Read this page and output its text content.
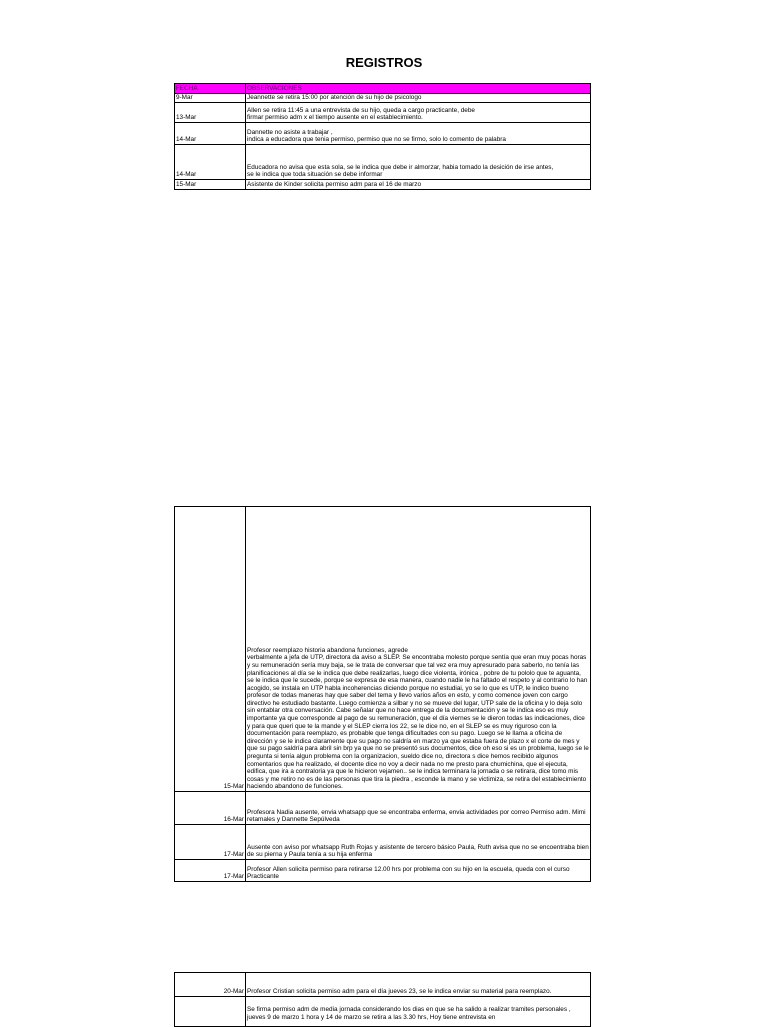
REGISTROS
FECHA	OBSERVACIONES
9-Mar	Jeannette se retira 15:00 por atención de su hijo de psicologo
13-Mar	Allen se retira 11:45 a una entrevista de su hijo, queda a cargo practicante, debe
firmar permiso adm x el tiempo ausente en el establecimiento.
14-Mar	Dannette no asiste a trabajar ,
indica a educadora que tenia permiso, permiso que no se firmo, solo lo comento de palabra
14-Mar	Educadora no avisa que esta sola, se le indica que debe ir almorzar, habia tomado la desición de irse antes,
se le indica que toda situación se debe informar
15-Mar	Asistente de Kinder solicita permiso adm para el 16 de marzo
15-Mar	Profesor reemplazo historia abandona funciones, agrede
verbalmente a jefa de UTP, directora da aviso a SLEP. Se encontraba molesto porque sentía que eran muy pocas horas y su remuneración sería muy baja, se le trata de conversar que tal vez era muy apresurado para saberlo, no tenía las planificaciones al día se le indica que debe realizarlas, luego dice violenta, irónica , pobre de tu pololo que te aguanta, se le indica que le sucede, porque se expresa de esa manera, cuando nadie le ha faltado el respeto y al contrario lo han acogido, se instala en UTP habla incoherencias diciendo porque no estudiai, yo se lo que es UTP, le indico bueno profesor de todas maneras hay que saber del tema y llevo varios años en esto, y como comence joven con cargo directivo he estudiado bastante. Luego comienza a silbar y no se mueve del lugar, UTP sale de la oficina y lo deja solo sin entablar otra conversación. Cabe señalar que no hace entrega de la documentación y se le indica eso es muy importante ya que corresponde al pago de su remuneración, que el día viernes se le dieron todas las indicaciones, dice y para que queri que te la mande y el SLEP cierra los 22, se le dice no, en el SLEP se es muy riguroso con la documentación para reemplazo, es probable que tenga dificultades con su pago. Luego se le llama a oficina de dirección y se le indica claramente que su pago no saldría en marzo ya que estaba fuera de plazo x el corte de mes y que su pago saldría para abril sin brp ya que no se presentó sus documentos, dice oh eso si es un problema, luego se le pregunta si tenía algun problema con la organizacion, sueldo dice no, directora s dice hemos recibido algunos comentarios que ha realizado, el docente dice no voy a decir nada no me presto para chumichina, que el ejecuta, edifica, que ira a contraloria ya que le hicieron vejamen.. se le indica terminara la jornada o se retirara, dice tomo mis cosas y me retiro no es de las personas que tira la piedra , esconde la mano y se victimiza, se retira del establecimiento haciendo abandono de funciones.
16-Mar	Profesora Nadia ausente, envia whatsapp que se encontraba enferma, envia actividades por correo Permiso adm. Mimi retamales y Dannette Sepúlveda
17-Mar	Ausente con aviso por whatsapp Ruth Rojas y asistente de tercero básico Paula, Ruth avisa que no se encoentraba bien de su pierna y Paula tenía a su hija enferma
17-Mar	Profesor Allen solicita permiso para retirarse 12.00 hrs por problema con su hijo en la escuela, queda con el curso Practicante
20-Mar	Profesor Cristian solicita permiso adm para el día jueves 23, se le indica enviar su material para reemplazo.
	Se firma permiso adm de media jornada considerando los dias en que se ha salido a realizar tramites personales , jueves 9 de marzo 1 hora y 14 de marzo se retira a las 3.30 hrs, Hoy tiene entrevista en
